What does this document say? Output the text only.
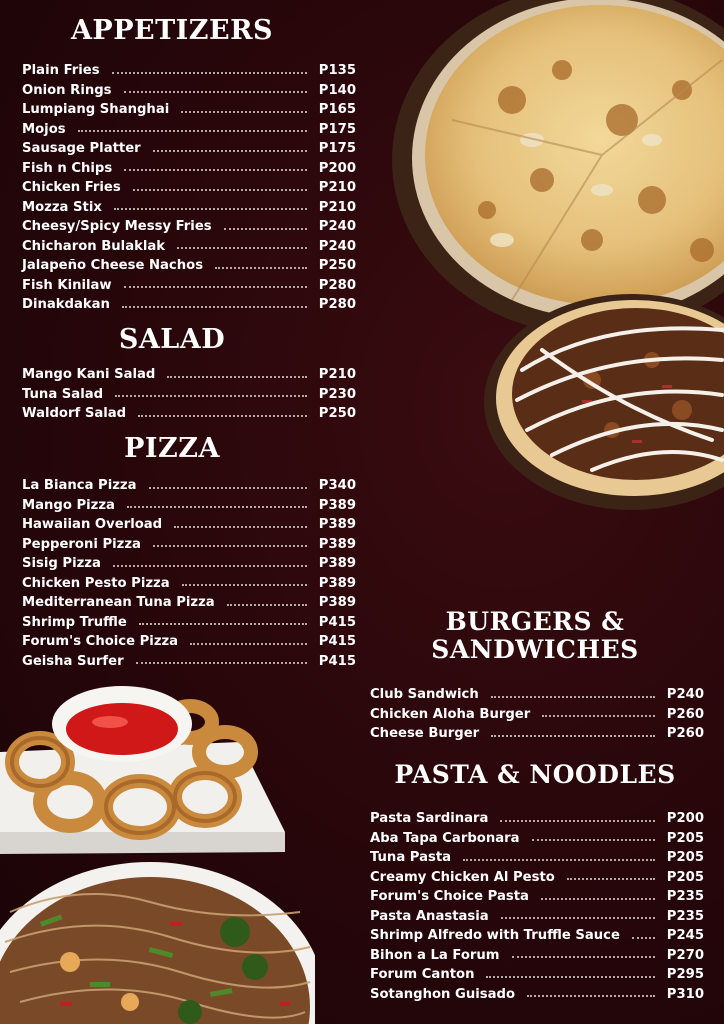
APPETIZERS
Plain Fries	P135
Onion Rings	P140
Lumpiang Shanghai	P165
Mojos	P175
Sausage Platter	P175
Fish n Chips	P200
Chicken Fries	P210
Mozza Stix	P210
Cheesy/Spicy Messy Fries	P240
Chicharon Bulaklak	P240
Jalapeño Cheese Nachos	P250
Fish Kinilaw	P280
Dinakdakan	P280
SALAD
Mango Kani Salad	P210
Tuna Salad	P230
Waldorf Salad	P250
PIZZA
La Bianca Pizza	P340
Mango Pizza	P389
Hawaiian Overload	P389
Pepperoni Pizza	P389
Sisig Pizza	P389
Chicken Pesto Pizza	P389
Mediterranean Tuna Pizza	P389
Shrimp Truffle	P415
Forum's Choice Pizza	P415
Geisha Surfer	P415
BURGERS &
SANDWICHES
Club Sandwich	P240
Chicken Aloha Burger	P260
Cheese Burger	P260
PASTA & NOODLES
Pasta Sardinara	P200
Aba Tapa Carbonara	P205
Tuna Pasta	P205
Creamy Chicken Al Pesto	P205
Forum's Choice Pasta	P235
Pasta Anastasia	P235
Shrimp Alfredo with Truffle Sauce	P245
Bihon a La Forum	P270
Forum Canton	P295
Sotanghon Guisado	P310
